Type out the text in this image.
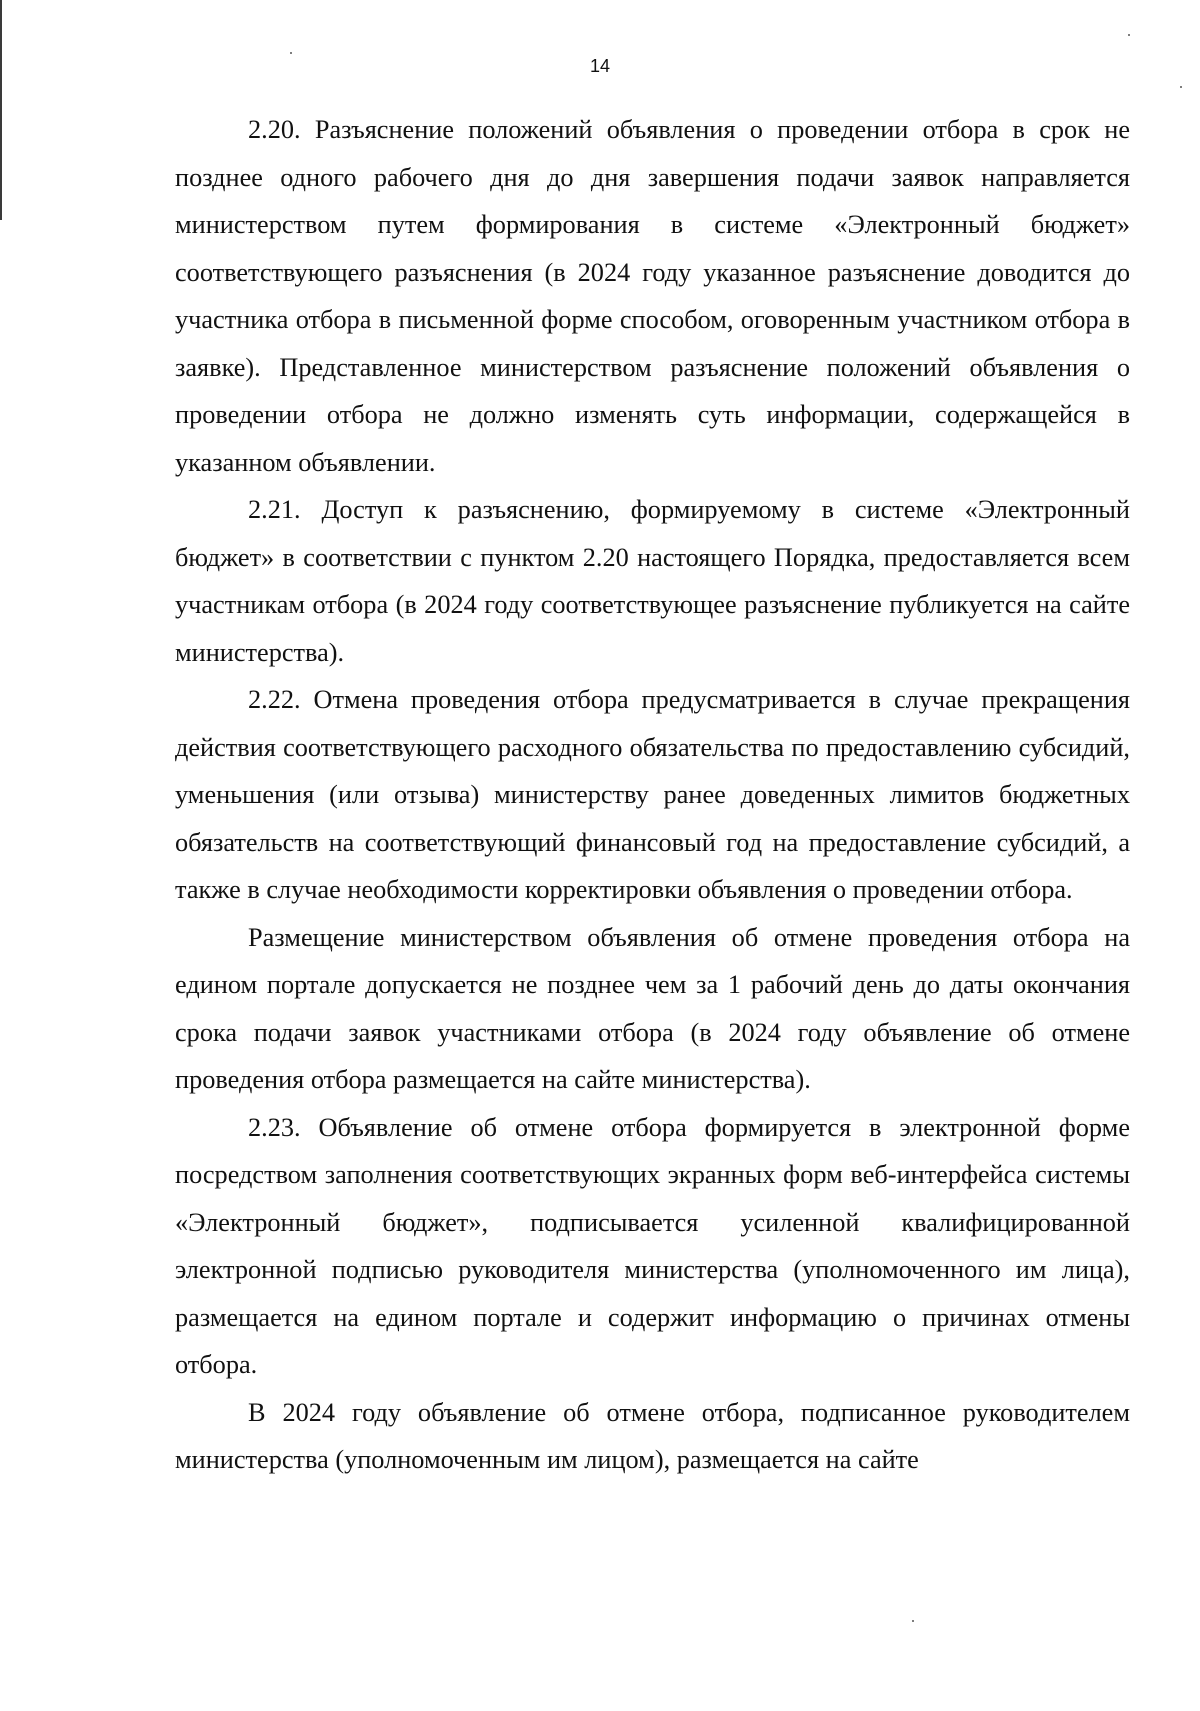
14

2.20. Разъяснение положений объявления о проведении отбора в срок не позднее одного рабочего дня до дня завершения подачи заявок направляется министерством путем формирования в системе «Электронный бюджет» соответствующего разъяснения (в 2024 году указанное разъяснение доводится до участника отбора в письменной форме способом, оговоренным участником отбора в заявке). Представленное министерством разъяснение положений объявления о проведении отбора не должно изменять суть информации, содержащейся в указанном объявлении.

2.21. Доступ к разъяснению, формируемому в системе «Электронный бюджет» в соответствии с пунктом 2.20 настоящего Порядка, предоставляется всем участникам отбора (в 2024 году соответствующее разъяснение публикуется на сайте министерства).

2.22. Отмена проведения отбора предусматривается в случае прекращения действия соответствующего расходного обязательства по предоставлению субсидий, уменьшения (или отзыва) министерству ранее доведенных лимитов бюджетных обязательств на соответствующий финансовый год на предоставление субсидий, а также в случае необходимости корректировки объявления о проведении отбора.

Размещение министерством объявления об отмене проведения отбора на едином портале допускается не позднее чем за 1 рабочий день до даты окончания срока подачи заявок участниками отбора (в 2024 году объявление об отмене проведения отбора размещается на сайте министерства).

2.23. Объявление об отмене отбора формируется в электронной форме посредством заполнения соответствующих экранных форм веб-интерфейса системы «Электронный бюджет», подписывается усиленной квалифицированной электронной подписью руководителя министерства (уполномоченного им лица), размещается на едином портале и содержит информацию о причинах отмены отбора.

В 2024 году объявление об отмене отбора, подписанное руководителем министерства (уполномоченным им лицом), размещается на сайте
